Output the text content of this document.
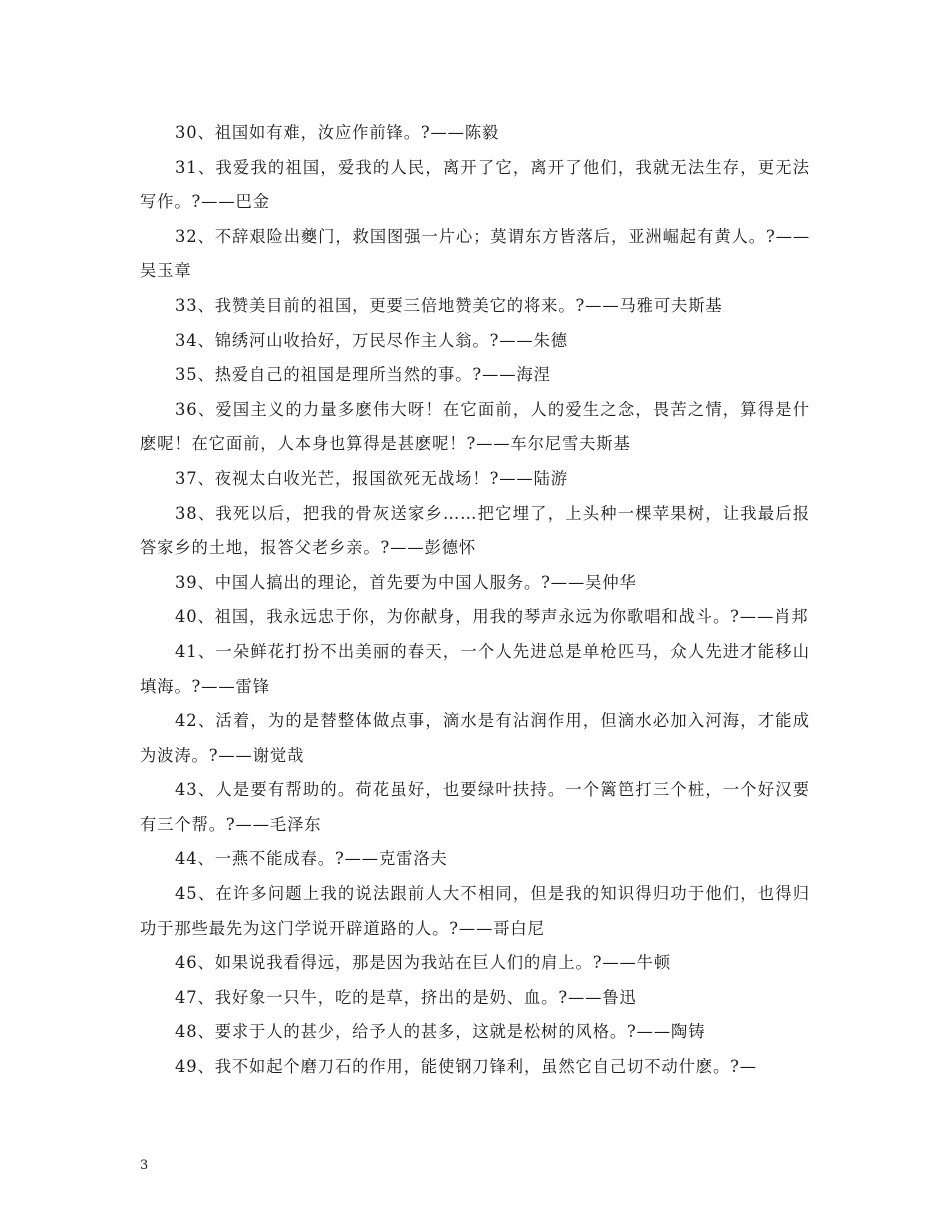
30、祖国如有难，汝应作前锋。?——陈毅

31、我爱我的祖国，爱我的人民，离开了它，离开了他们，我就无法生存，更无法写作。?——巴金

32、不辞艰险出夔门，救国图强一片心；莫谓东方皆落后，亚洲崛起有黄人。?——吴玉章

33、我赞美目前的祖国，更要三倍地赞美它的将来。?——马雅可夫斯基

34、锦绣河山收拾好，万民尽作主人翁。?——朱德

35、热爱自己的祖国是理所当然的事。?——海涅

36、爱国主义的力量多麽伟大呀！在它面前，人的爱生之念，畏苦之情，算得是什麽呢！在它面前，人本身也算得是甚麽呢！?——车尔尼雪夫斯基

37、夜视太白收光芒，报国欲死无战场！?——陆游

38、我死以后，把我的骨灰送家乡……把它埋了，上头种一棵苹果树，让我最后报答家乡的土地，报答父老乡亲。?——彭德怀

39、中国人搞出的理论，首先要为中国人服务。?——吴仲华

40、祖国，我永远忠于你，为你献身，用我的琴声永远为你歌唱和战斗。?——肖邦

41、一朵鲜花打扮不出美丽的春天，一个人先进总是单枪匹马，众人先进才能移山填海。?——雷锋

42、活着，为的是替整体做点事，滴水是有沾润作用，但滴水必加入河海，才能成为波涛。?——谢觉哉

43、人是要有帮助的。荷花虽好，也要绿叶扶持。一个篱笆打三个桩，一个好汉要有三个帮。?——毛泽东

44、一燕不能成春。?——克雷洛夫

45、在许多问题上我的说法跟前人大不相同，但是我的知识得归功于他们，也得归功于那些最先为这门学说开辟道路的人。?——哥白尼

46、如果说我看得远，那是因为我站在巨人们的肩上。?——牛顿

47、我好象一只牛，吃的是草，挤出的是奶、血。?——鲁迅

48、要求于人的甚少，给予人的甚多，这就是松树的风格。?——陶铸

49、我不如起个磨刀石的作用，能使钢刀锋利，虽然它自己切不动什麽。?—

3
